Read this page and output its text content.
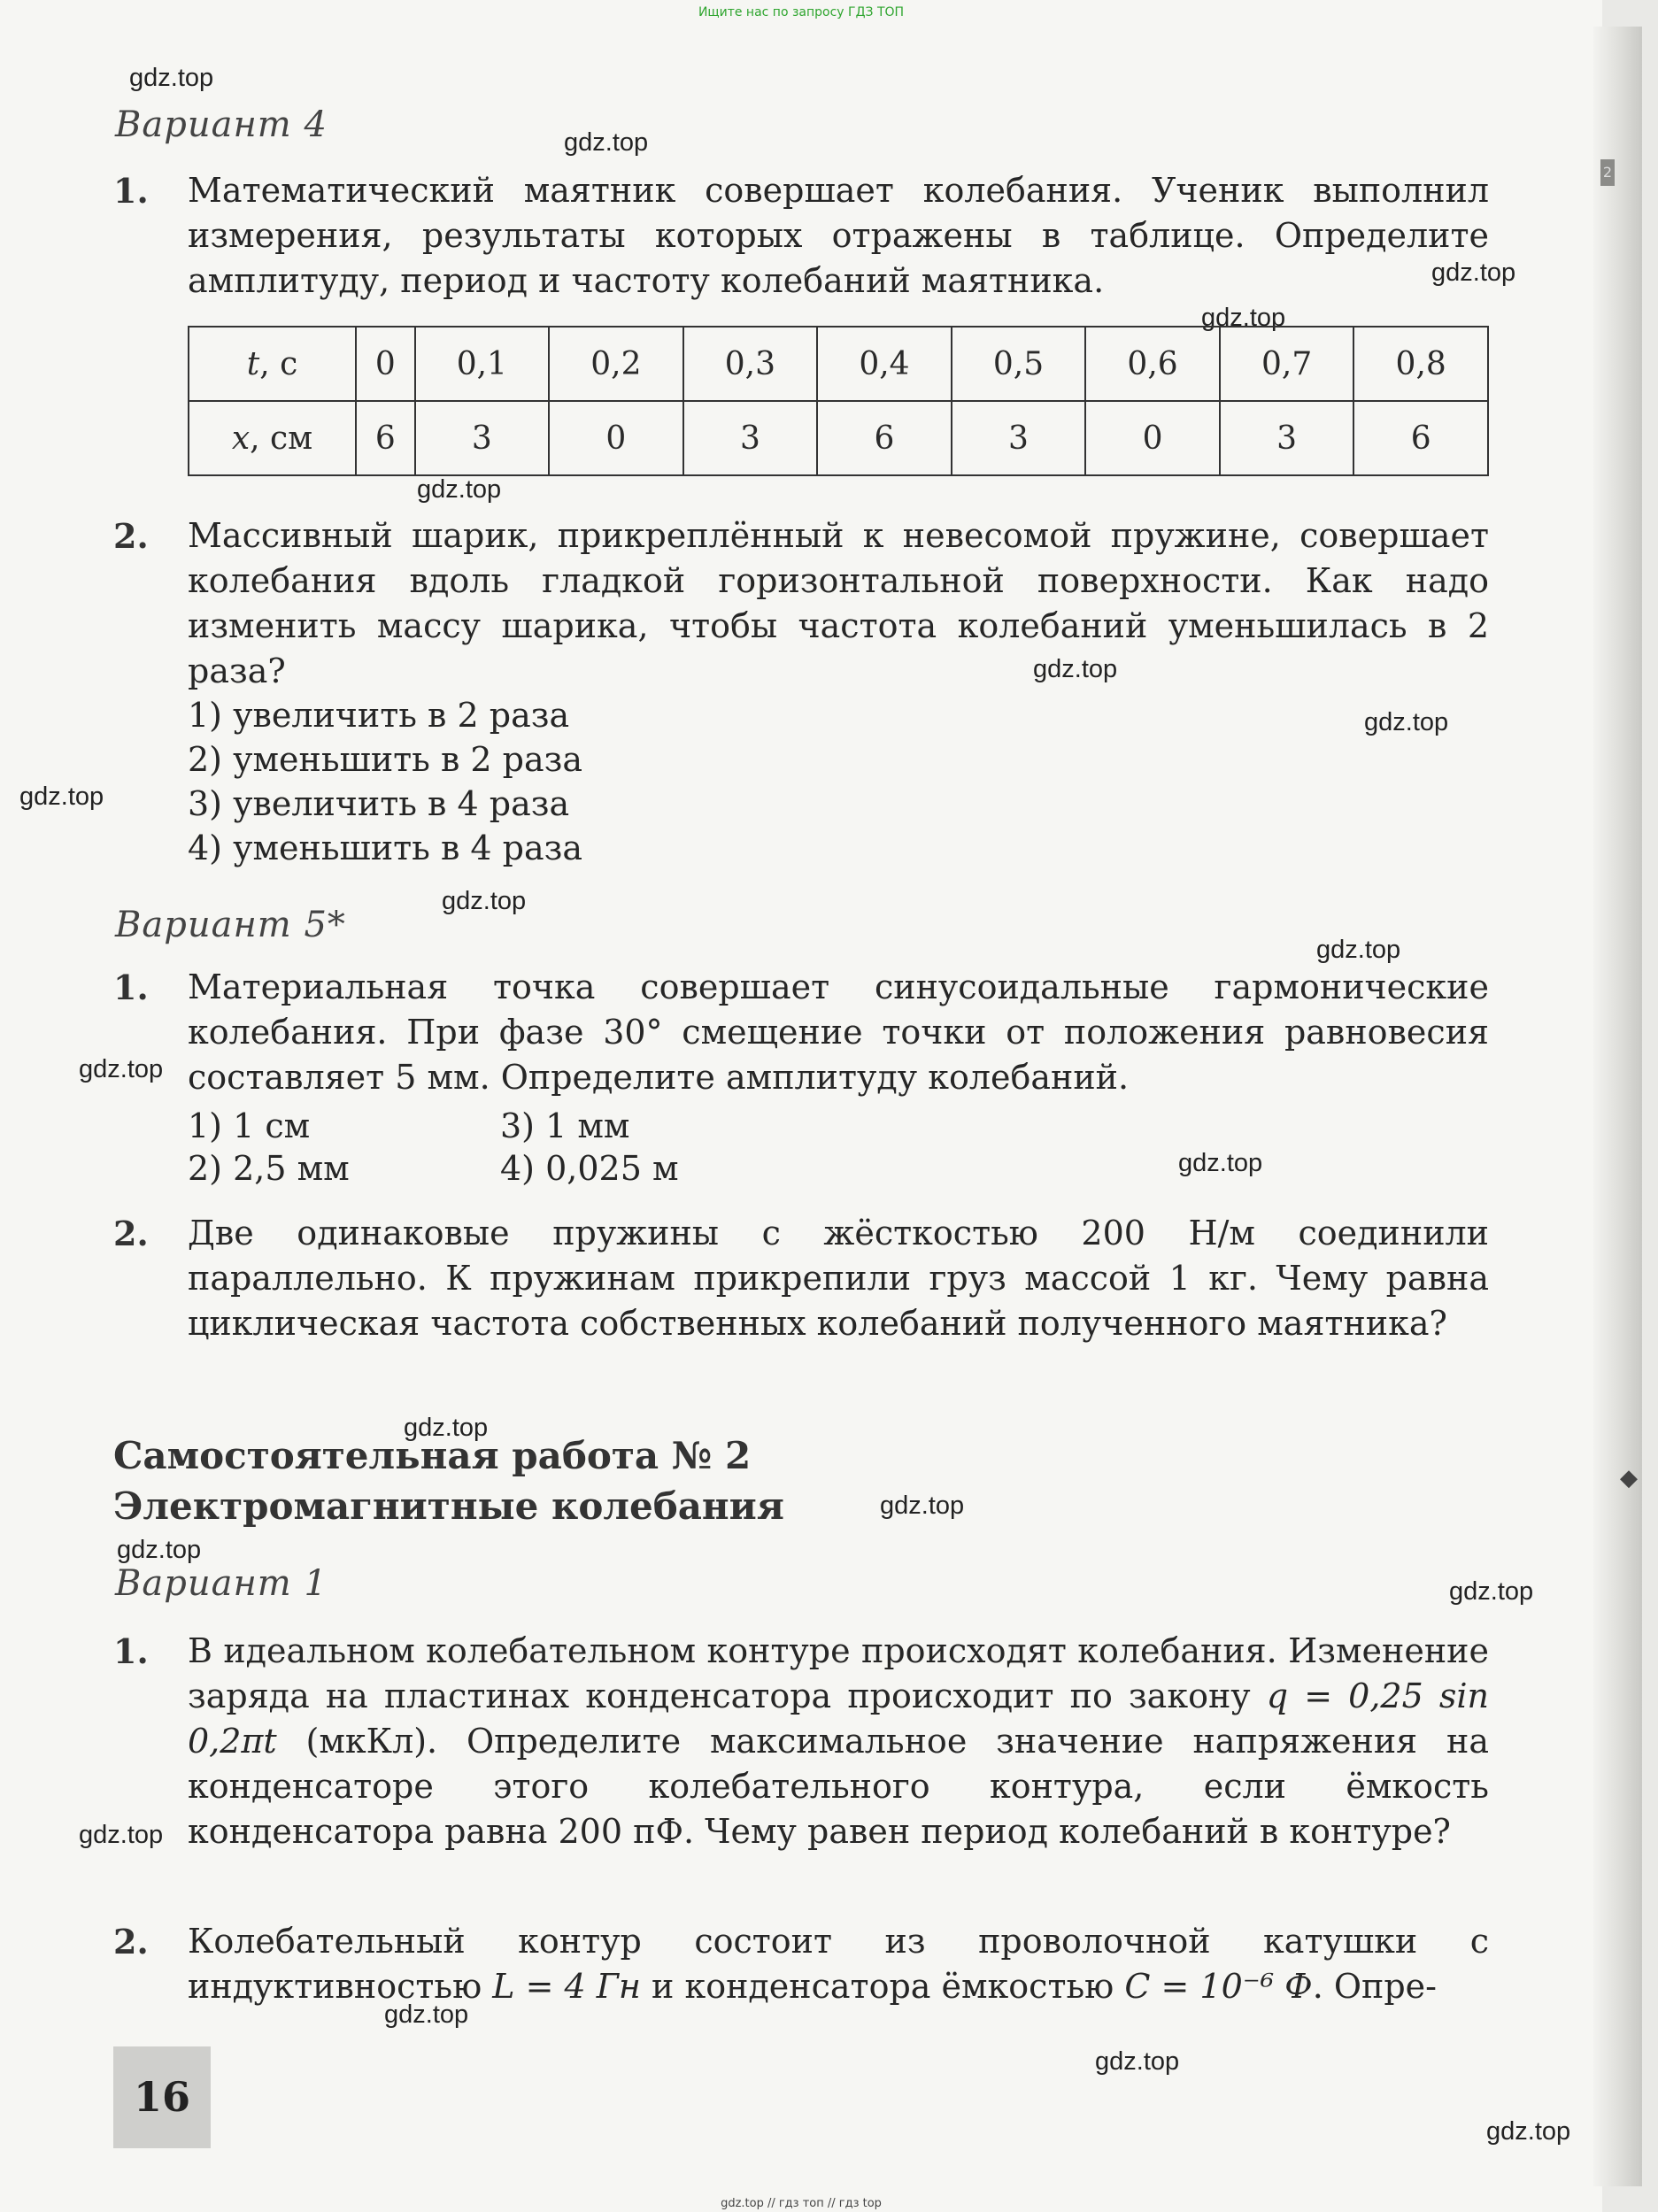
2
◆
Ищите нас по запросу ГДЗ ТОП
gdz.top
gdz.top
gdz.top
gdz.top
gdz.top
gdz.top
gdz.top
gdz.top
gdz.top
gdz.top
gdz.top
gdz.top
gdz.top
gdz.top
gdz.top
gdz.top
gdz.top
gdz.top
gdz.top
gdz.top
Вариант 4
1. Математический маятник совершает колебания. Ученик выполнил измерения, результаты которых отражены в таблице. Определите амплитуду, период и частоту колебаний маятника.
t, с	0	0,1	0,2	0,3	0,4	0,5	0,6	0,7	0,8
x, см	6	3	0	3	6	3	0	3	6
2. Массивный шарик, прикреплённый к невесомой пружине, совершает колебания вдоль гладкой горизонтальной поверхности. Как надо изменить массу шарика, чтобы частота колебаний уменьшилась в 2 раза?
1) увеличить в 2 раза
2) уменьшить в 2 раза
3) увеличить в 4 раза
4) уменьшить в 4 раза
Вариант 5*
1. Материальная точка совершает синусоидальные гармонические колебания. При фазе 30° смещение точки от положения равновесия составляет 5 мм. Определите амплитуду колебаний.
1) 1 см	3) 1 мм
2) 2,5 мм	4) 0,025 м
2. Две одинаковые пружины с жёсткостью 200 Н/м соединили параллельно. К пружинам прикрепили груз массой 1 кг. Чему равна циклическая частота собственных колебаний полученного маятника?
Самостоятельная работа № 2
Электромагнитные колебания
Вариант 1
1. В идеальном колебательном контуре происходят колебания. Изменение заряда на пластинах конденсатора происходит по закону q = 0,25 sin 0,2πt (мкКл). Определите максимальное значение напряжения на конденсаторе этого колебательного контура, если ёмкость конденсатора равна 200 пФ. Чему равен период колебаний в контуре?
2. Колебательный контур состоит из проволочной катушки с индуктивностью L = 4 Гн и конденсатора ёмкостью C = 10⁻⁶ Ф. Опре-
16
gdz.top // гдз топ // гдз top
